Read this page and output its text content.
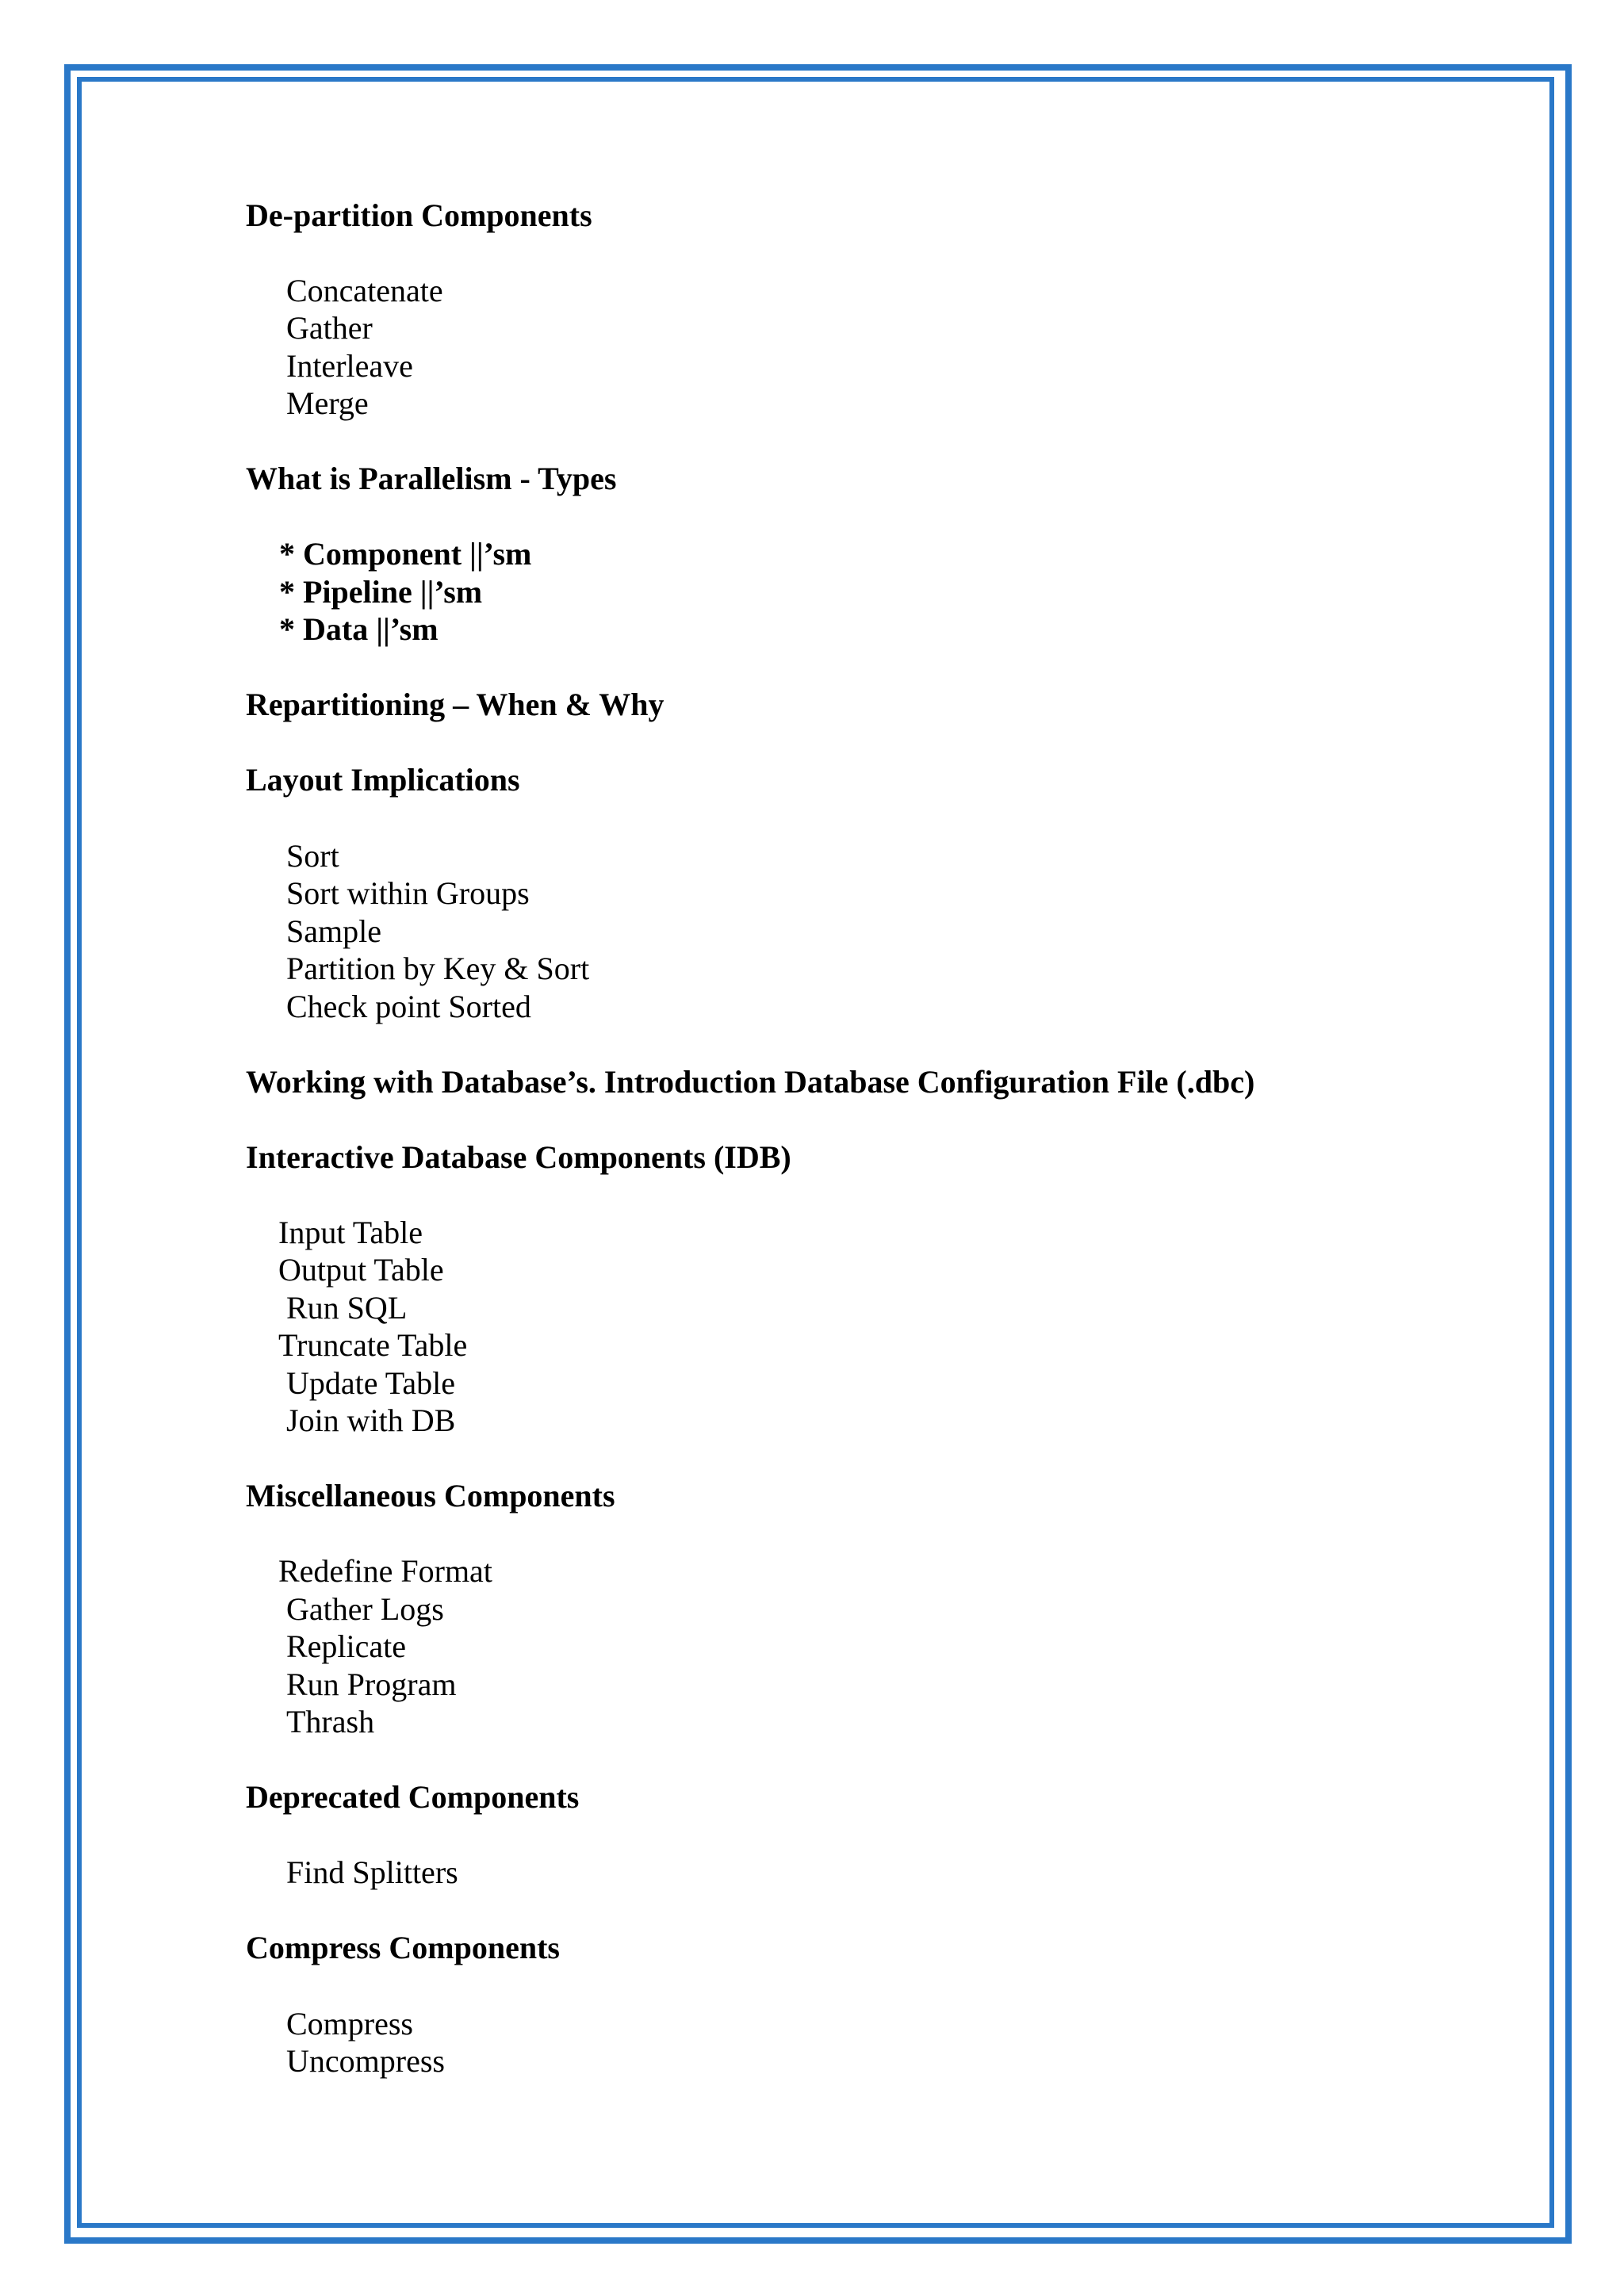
De-partition Components
Concatenate
Gather
Interleave
Merge
What is Parallelism - Types
* Component ||’sm
* Pipeline ||’sm
* Data ||’sm
Repartitioning – When & Why
Layout Implications
Sort
Sort within Groups
Sample
Partition by Key & Sort
Check point Sorted
Working with Database’s. Introduction Database Configuration File (.dbc)
Interactive Database Components (IDB)
Input Table
Output Table
Run SQL
Truncate Table
Update Table
Join with DB
Miscellaneous Components
Redefine Format
Gather Logs
Replicate
Run Program
Thrash
Deprecated Components
Find Splitters
Compress Components
Compress
Uncompress
